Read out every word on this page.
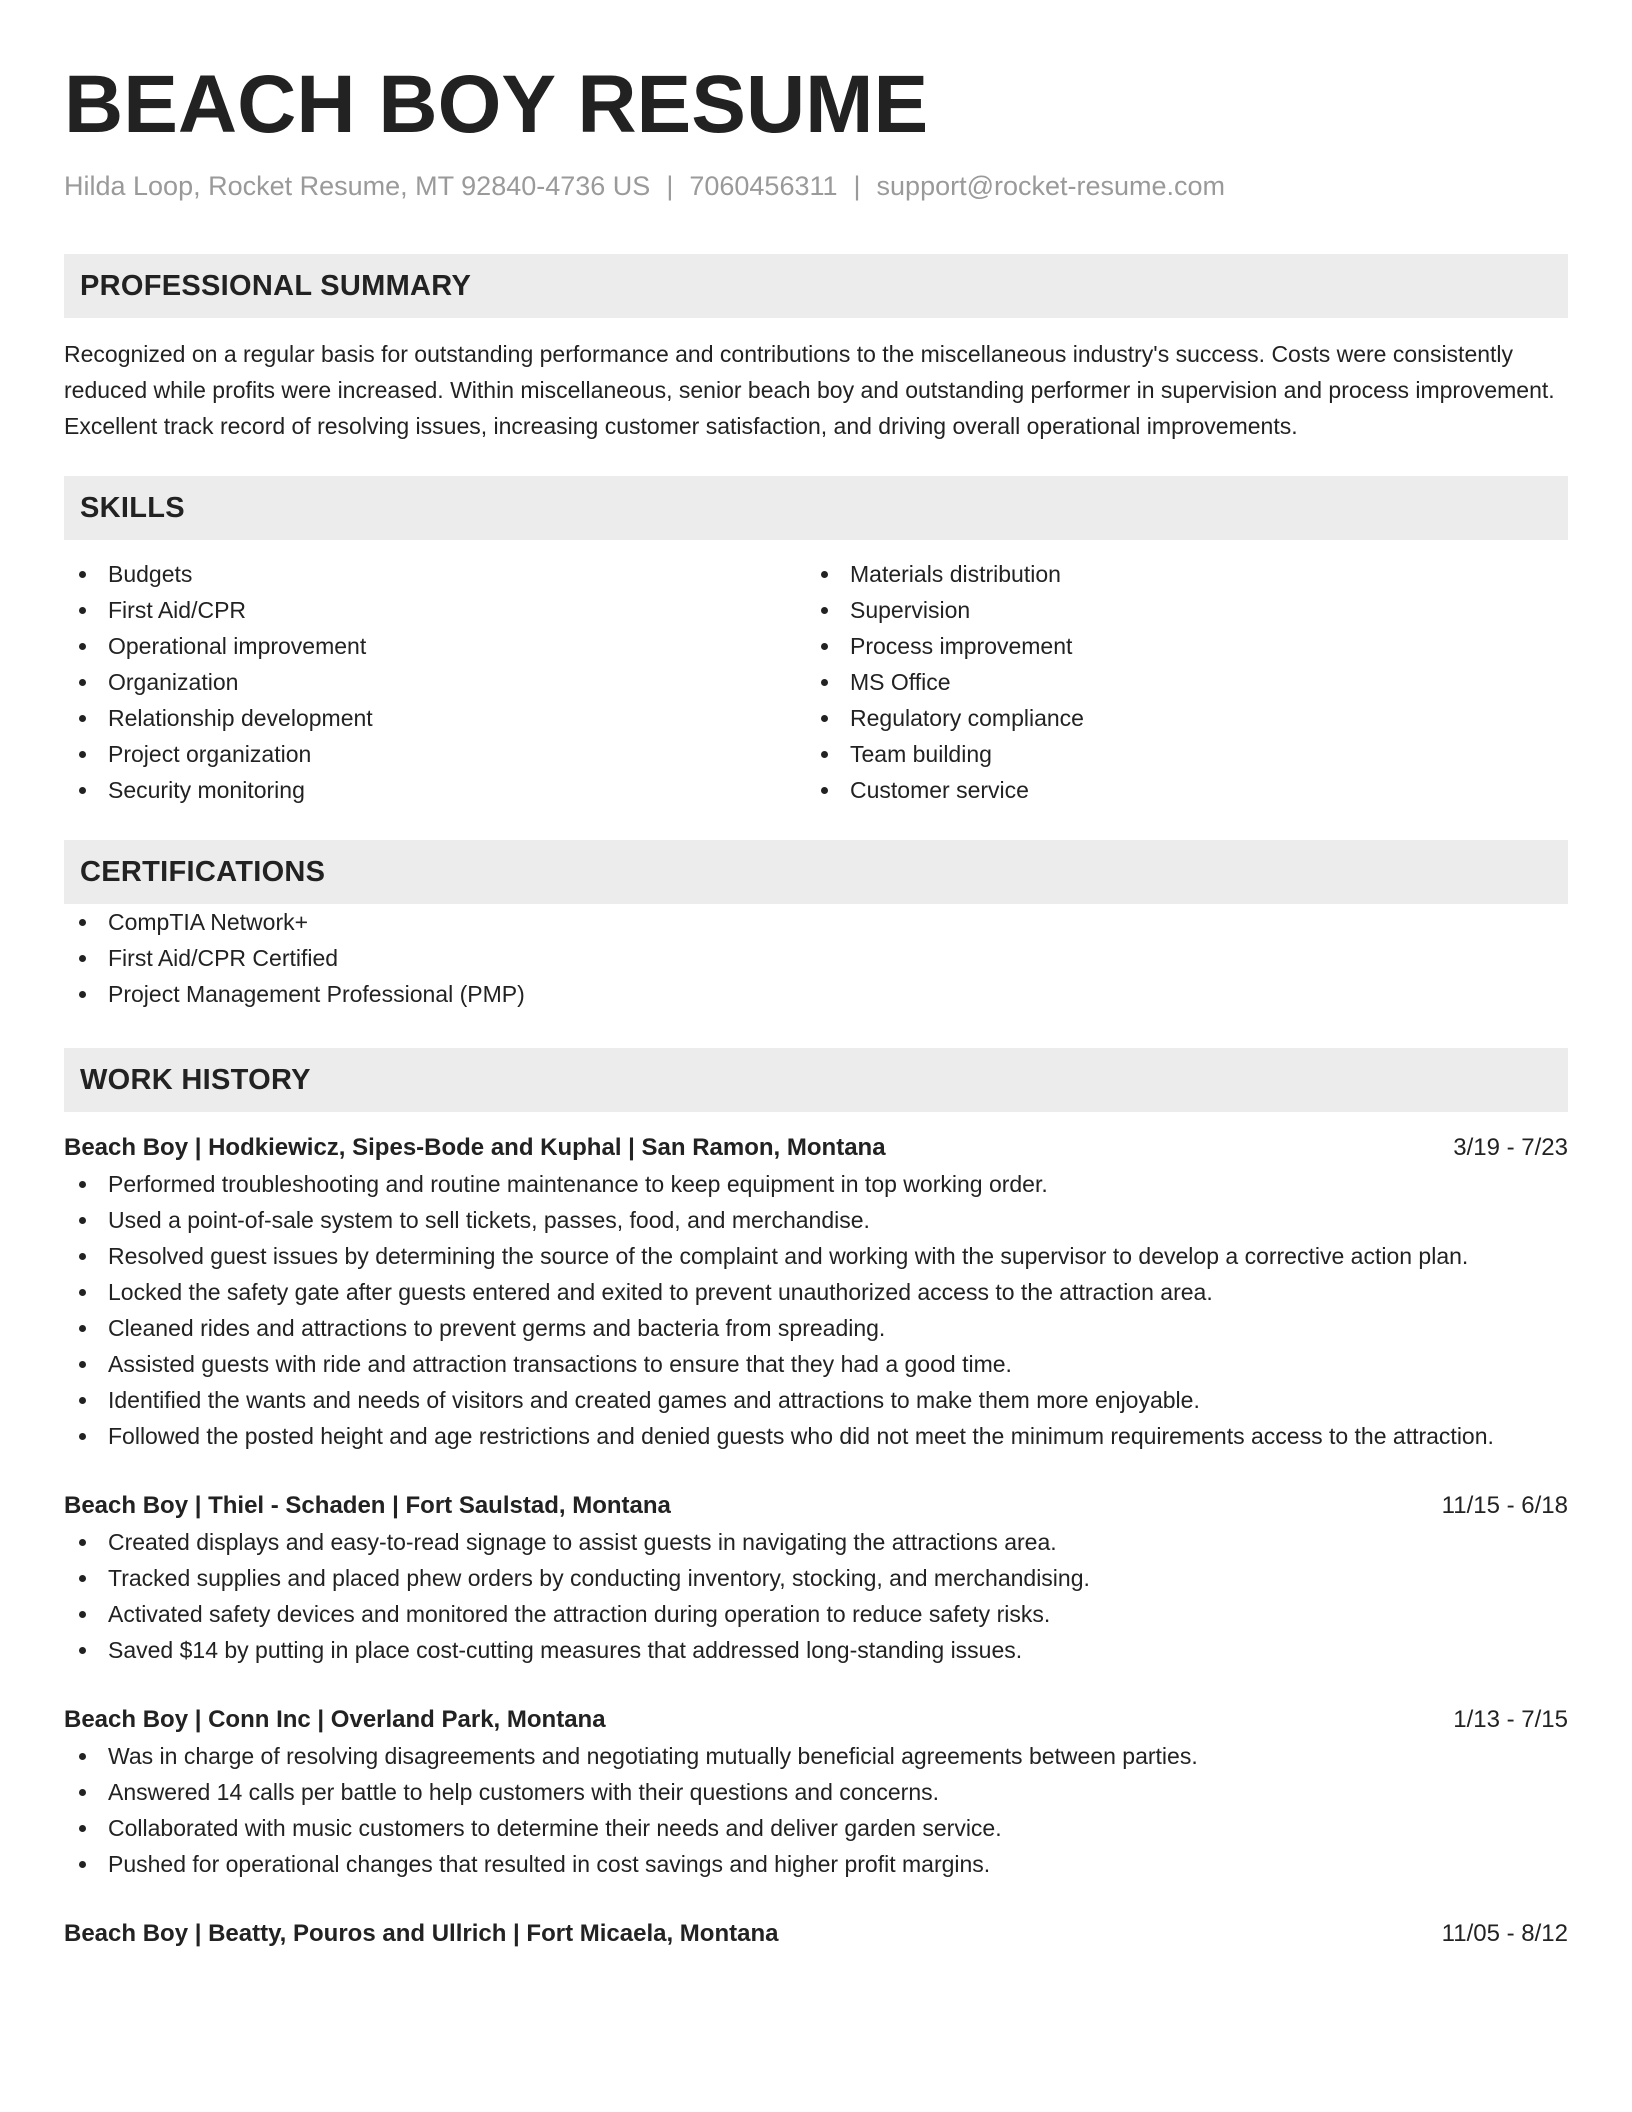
BEACH BOY RESUME
Hilda Loop, Rocket Resume, MT 92840-4736 US | 7060456311 | support@rocket-resume.com
PROFESSIONAL SUMMARY
Recognized on a regular basis for outstanding performance and contributions to the miscellaneous industry's success. Costs were consistently reduced while profits were increased. Within miscellaneous, senior beach boy and outstanding performer in supervision and process improvement. Excellent track record of resolving issues, increasing customer satisfaction, and driving overall operational improvements.
SKILLS
Budgets
First Aid/CPR
Operational improvement
Organization
Relationship development
Project organization
Security monitoring
Materials distribution
Supervision
Process improvement
MS Office
Regulatory compliance
Team building
Customer service
CERTIFICATIONS
CompTIA Network+
First Aid/CPR Certified
Project Management Professional (PMP)
WORK HISTORY
Beach Boy | Hodkiewicz, Sipes-Bode and Kuphal | San Ramon, Montana	3/19 - 7/23
Performed troubleshooting and routine maintenance to keep equipment in top working order.
Used a point-of-sale system to sell tickets, passes, food, and merchandise.
Resolved guest issues by determining the source of the complaint and working with the supervisor to develop a corrective action plan.
Locked the safety gate after guests entered and exited to prevent unauthorized access to the attraction area.
Cleaned rides and attractions to prevent germs and bacteria from spreading.
Assisted guests with ride and attraction transactions to ensure that they had a good time.
Identified the wants and needs of visitors and created games and attractions to make them more enjoyable.
Followed the posted height and age restrictions and denied guests who did not meet the minimum requirements access to the attraction.
Beach Boy | Thiel - Schaden | Fort Saulstad, Montana	11/15 - 6/18
Created displays and easy-to-read signage to assist guests in navigating the attractions area.
Tracked supplies and placed phew orders by conducting inventory, stocking, and merchandising.
Activated safety devices and monitored the attraction during operation to reduce safety risks.
Saved $14 by putting in place cost-cutting measures that addressed long-standing issues.
Beach Boy | Conn Inc | Overland Park, Montana	1/13 - 7/15
Was in charge of resolving disagreements and negotiating mutually beneficial agreements between parties.
Answered 14 calls per battle to help customers with their questions and concerns.
Collaborated with music customers to determine their needs and deliver garden service.
Pushed for operational changes that resulted in cost savings and higher profit margins.
Beach Boy | Beatty, Pouros and Ullrich | Fort Micaela, Montana	11/05 - 8/12
